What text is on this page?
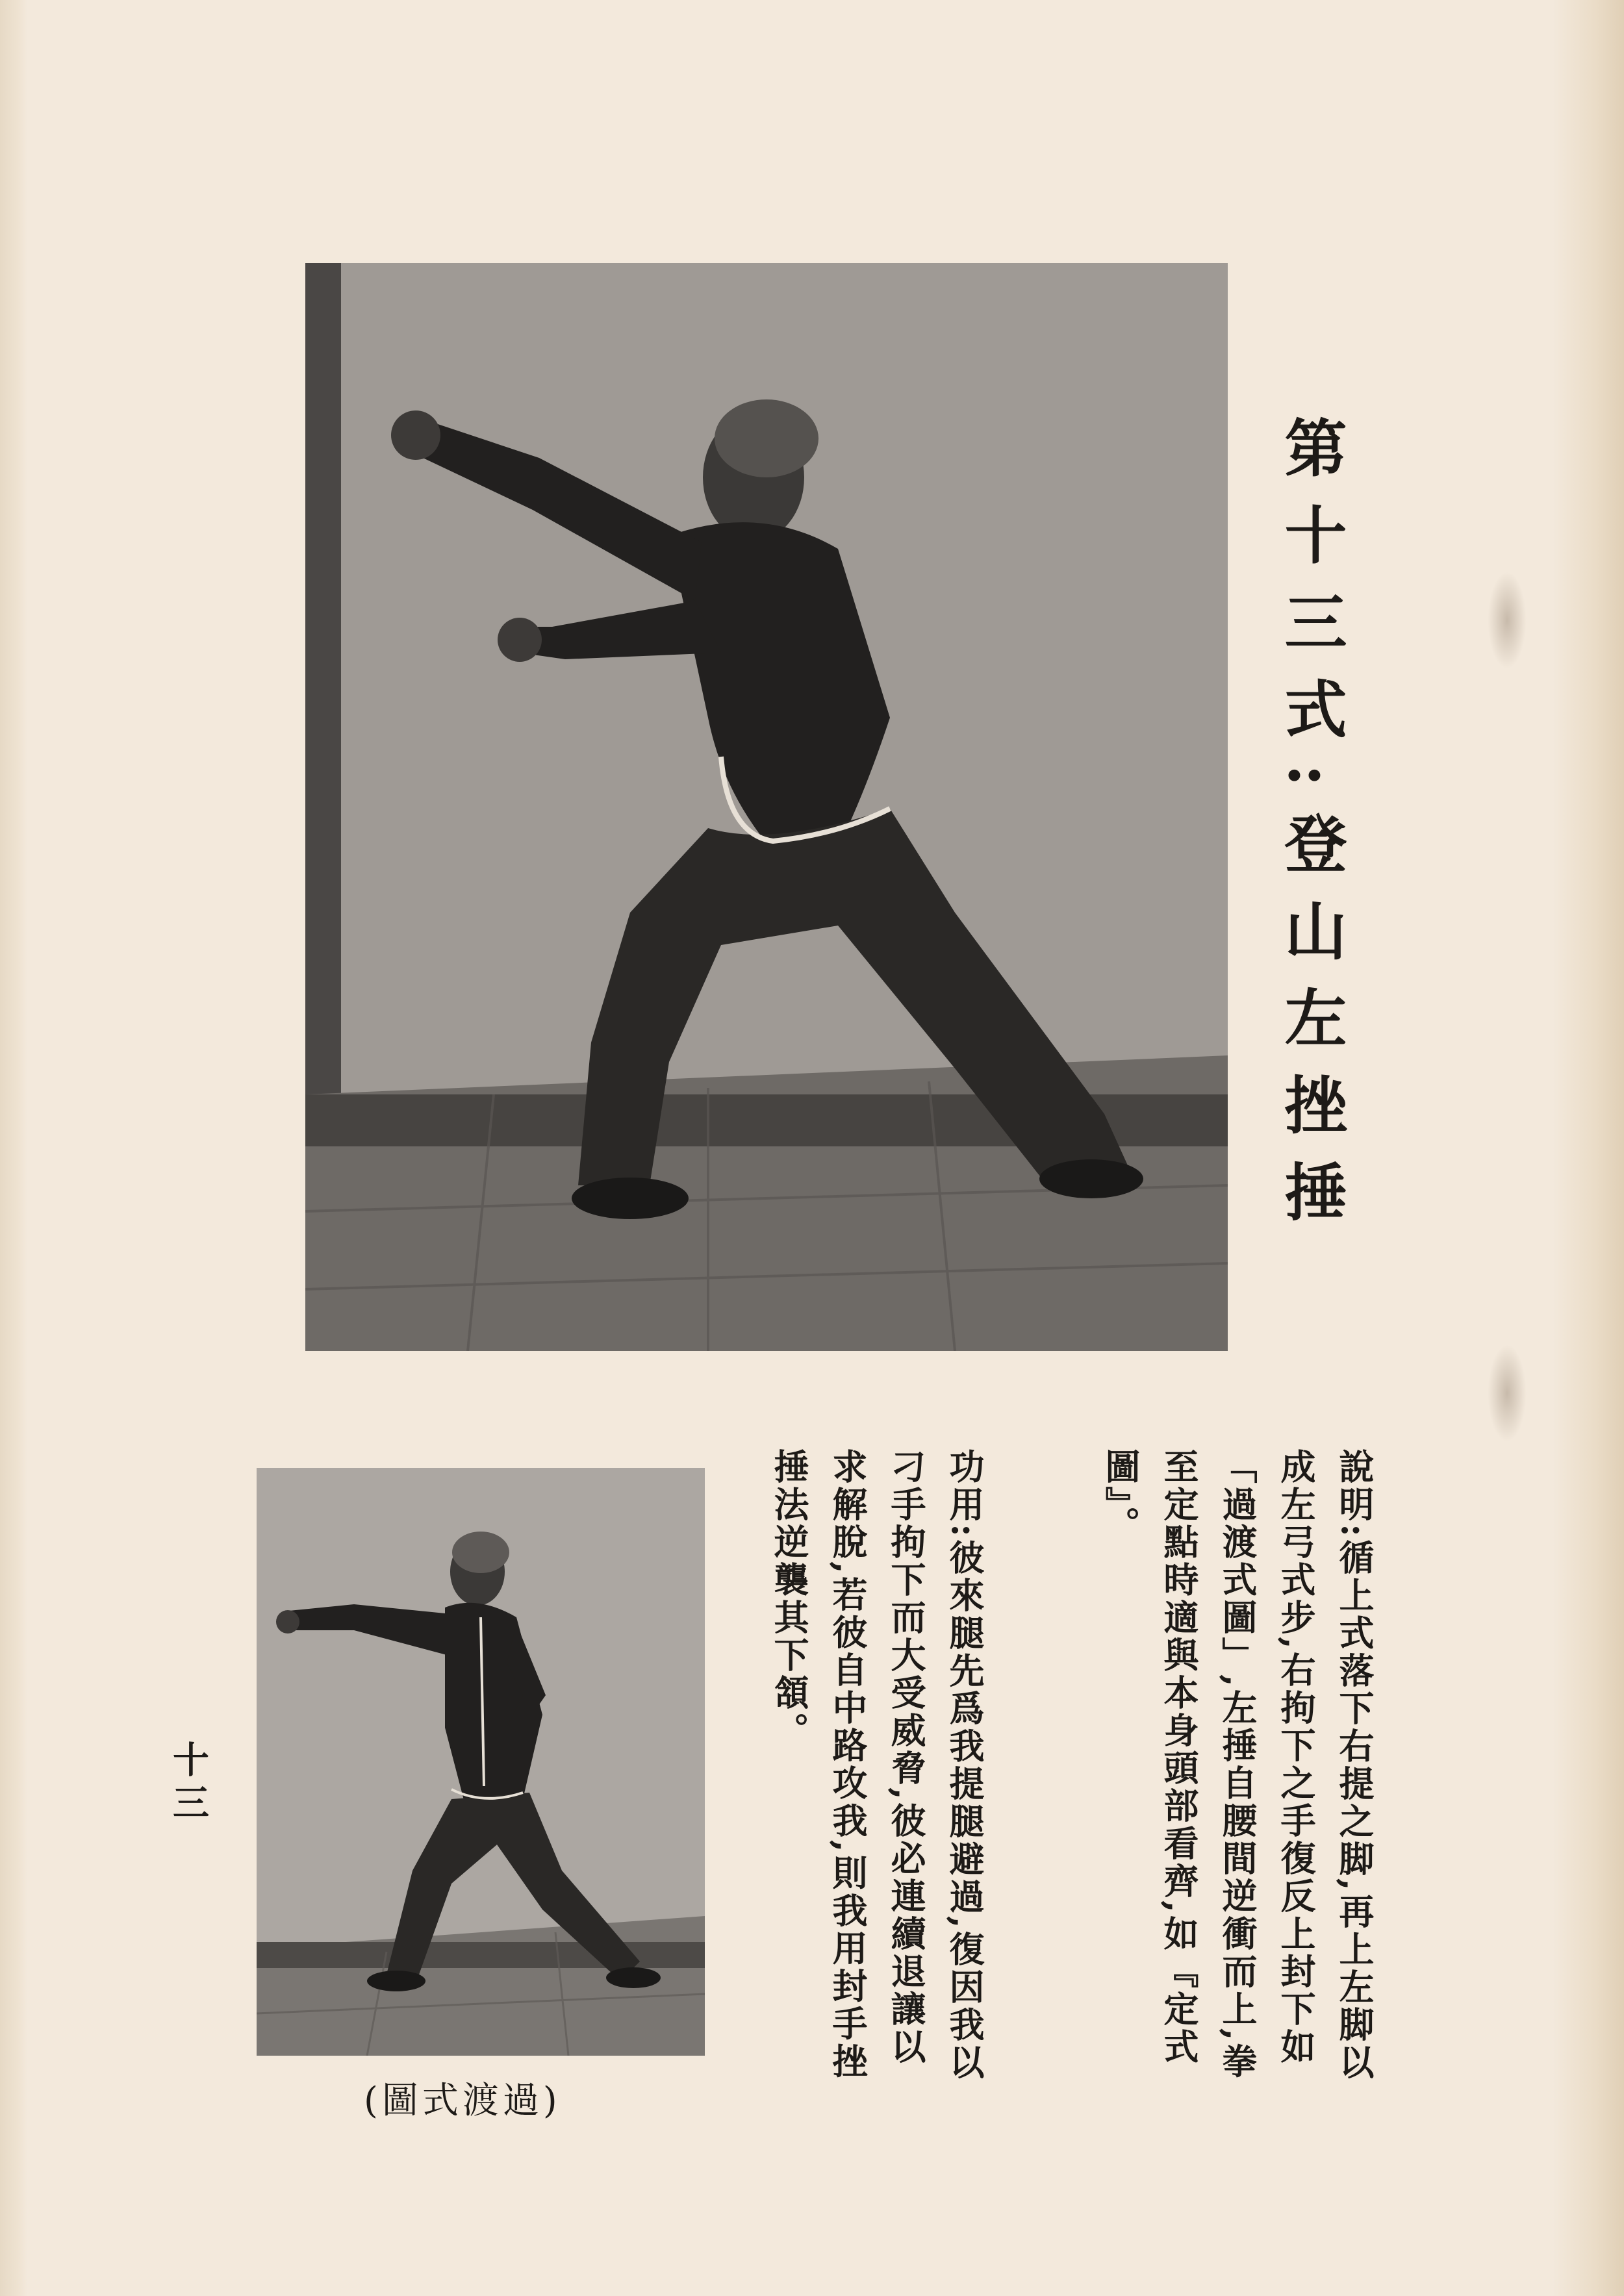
第十三式:登山左挫捶
說明:循上式落下右提之脚,再上左脚以成左弓式步,右拘下之手復反上封下如「過渡式圖」,左捶自腰間逆衝而上,拳至定點時適與本身頭部看齊,如『定式圖』。
功用:彼來腿先爲我提腿避過,復因我以刁手拘下而大受威脅,彼必連續退讓以求解脫,若彼自中路攻我,則我用封手挫捶法逆襲其下頷。
(圖式渡過)
十三
